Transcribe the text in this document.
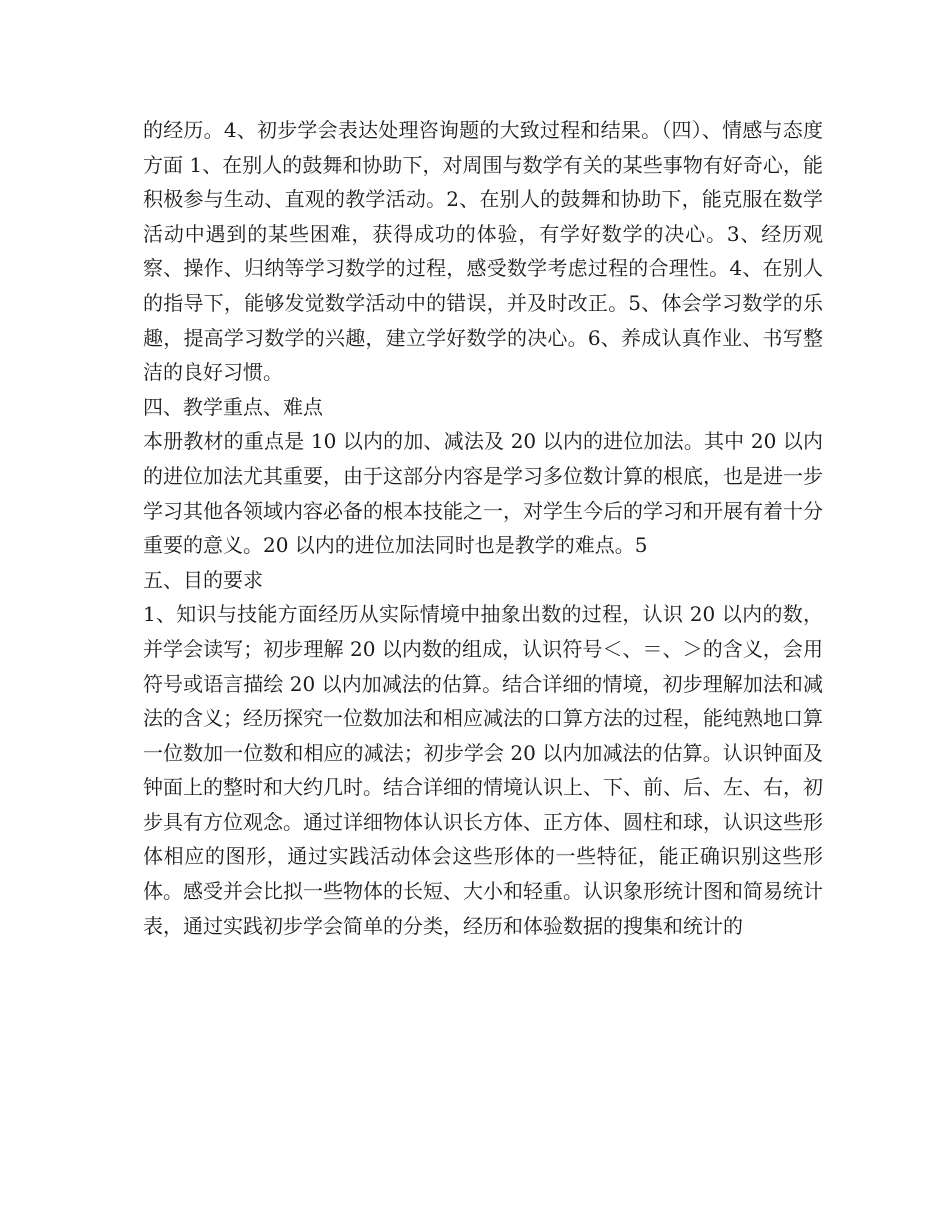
的经历。4、初步学会表达处理咨询题的大致过程和结果。（四）、情感与态度方面 1、在别人的鼓舞和协助下，对周围与数学有关的某些事物有好奇心，能积极参与生动、直观的教学活动。2、在别人的鼓舞和协助下，能克服在数学活动中遇到的某些困难，获得成功的体验，有学好数学的决心。3、经历观察、操作、归纳等学习数学的过程，感受数学考虑过程的合理性。4、在别人的指导下，能够发觉数学活动中的错误，并及时改正。5、体会学习数学的乐趣，提高学习数学的兴趣，建立学好数学的决心。6、养成认真作业、书写整洁的良好习惯。

四、教学重点、难点

本册教材的重点是 10 以内的加、减法及 20 以内的进位加法。其中 20 以内的进位加法尤其重要，由于这部分内容是学习多位数计算的根底，也是进一步学习其他各领域内容必备的根本技能之一，对学生今后的学习和开展有着十分重要的意义。20 以内的进位加法同时也是教学的难点。5

五、目的要求

1、知识与技能方面经历从实际情境中抽象出数的过程，认识 20 以内的数，并学会读写；初步理解 20 以内数的组成，认识符号＜、＝、＞的含义，会用符号或语言描绘 20 以内加减法的估算。结合详细的情境，初步理解加法和减法的含义；经历探究一位数加法和相应减法的口算方法的过程，能纯熟地口算一位数加一位数和相应的减法；初步学会 20 以内加减法的估算。认识钟面及钟面上的整时和大约几时。结合详细的情境认识上、下、前、后、左、右，初步具有方位观念。通过详细物体认识长方体、正方体、圆柱和球，认识这些形体相应的图形，通过实践活动体会这些形体的一些特征，能正确识别这些形体。感受并会比拟一些物体的长短、大小和轻重。认识象形统计图和简易统计表，通过实践初步学会简单的分类，经历和体验数据的搜集和统计的
